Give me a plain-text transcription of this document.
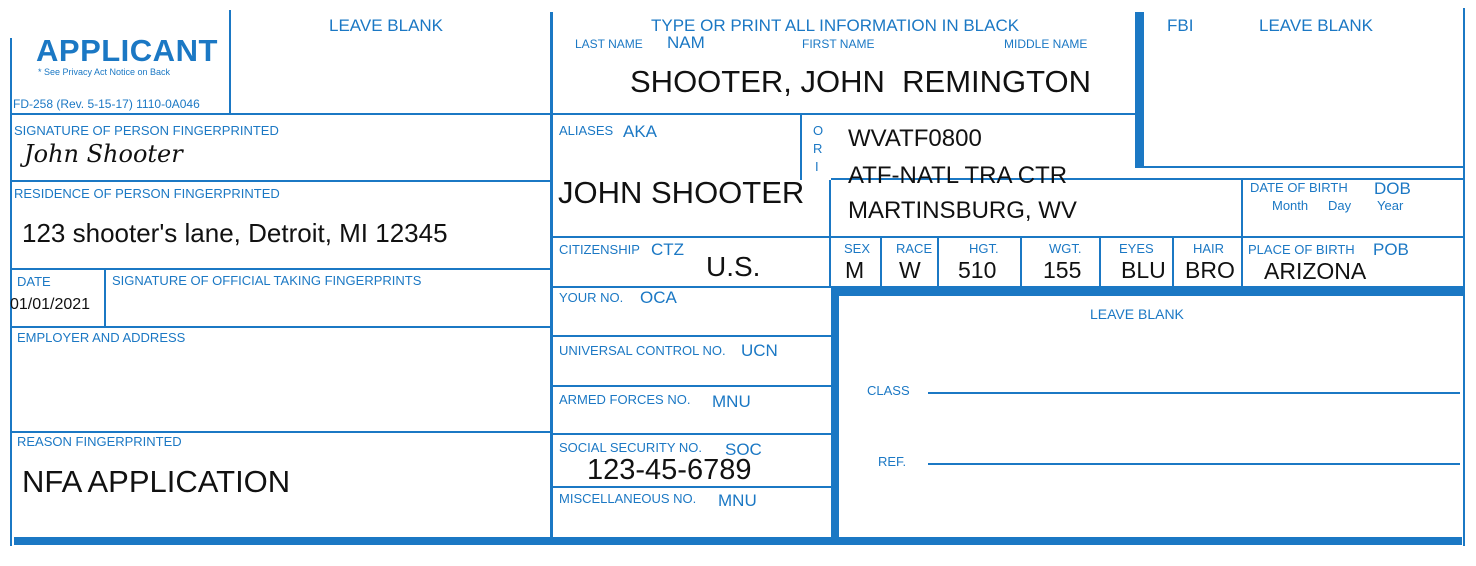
APPLICANT
* See Privacy Act Notice on Back
FD-258 (Rev. 5-15-17) 1110-0A046
LEAVE BLANK	TYPE OR PRINT ALL INFORMATION IN BLACK	FBI	LEAVE BLANK
LAST NAME NAM	FIRST NAME	MIDDLE NAME
SHOOTER, JOHN  REMINGTON
SIGNATURE OF PERSON FINGERPRINTED
John Shooter
RESIDENCE OF PERSON FINGERPRINTED
123 shooter's lane, Detroit, MI 12345
DATE
01/01/2021
SIGNATURE OF OFFICIAL TAKING FINGERPRINTS
EMPLOYER AND ADDRESS
REASON FINGERPRINTED
NFA APPLICATION
ALIASES AKA
JOHN SHOOTER
O
R
I
WVATF0800
ATF-NATL TRA CTR
MARTINSBURG, WV
CITIZENSHIP CTZ
U.S.
YOUR NO. OCA
UNIVERSAL CONTROL NO. UCN
ARMED FORCES NO. MNU
SOCIAL SECURITY NO. SOC
123-45-6789
MISCELLANEOUS NO. MNU
DATE OF BIRTH DOB
Month Day Year
SEX
M
RACE
W
HGT.
510
WGT.
155
EYES
BLU
HAIR
BRO
PLACE OF BIRTH POB
ARIZONA
LEAVE BLANK
CLASS
REF.
